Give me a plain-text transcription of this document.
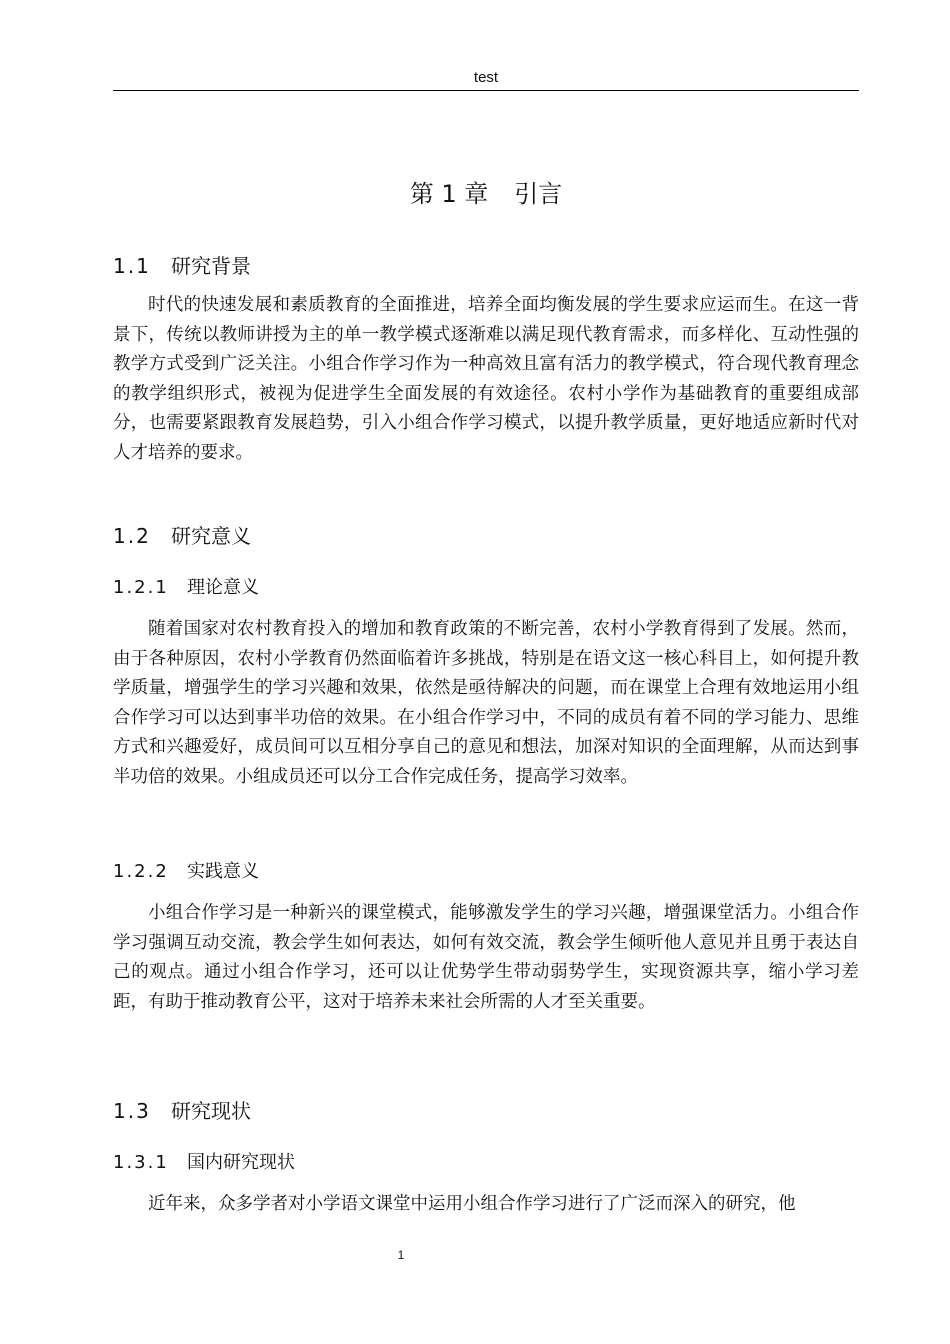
test
第 1 章 引言
1.1 研究背景

时代的快速发展和素质教育的全面推进，培养全面均衡发展的学生要求应运而生。在这一背景下，传统以教师讲授为主的单一教学模式逐渐难以满足现代教育需求，而多样化、互动性强的教学方式受到广泛关注。小组合作学习作为一种高效且富有活力的教学模式，符合现代教育理念的教学组织形式，被视为促进学生全面发展的有效途径。农村小学作为基础教育的重要组成部分，也需要紧跟教育发展趋势，引入小组合作学习模式，以提升教学质量，更好地适应新时代对人才培养的要求。

1.2 研究意义
1.2.1 理论意义

随着国家对农村教育投入的增加和教育政策的不断完善，农村小学教育得到了发展。然而，由于各种原因，农村小学教育仍然面临着许多挑战，特别是在语文这一核心科目上，如何提升教学质量，增强学生的学习兴趣和效果，依然是亟待解决的问题，而在课堂上合理有效地运用小组合作学习可以达到事半功倍的效果。在小组合作学习中，不同的成员有着不同的学习能力、思维方式和兴趣爱好，成员间可以互相分享自己的意见和想法，加深对知识的全面理解，从而达到事半功倍的效果。小组成员还可以分工合作完成任务，提高学习效率。

1.2.2 实践意义

小组合作学习是一种新兴的课堂模式，能够激发学生的学习兴趣，增强课堂活力。小组合作学习强调互动交流，教会学生如何表达，如何有效交流，教会学生倾听他人意见并且勇于表达自己的观点。通过小组合作学习，还可以让优势学生带动弱势学生，实现资源共享，缩小学习差距，有助于推动教育公平，这对于培养未来社会所需的人才至关重要。

1.3 研究现状
1.3.1 国内研究现状

近年来，众多学者对小学语文课堂中运用小组合作学习进行了广泛而深入的研究，他

1
